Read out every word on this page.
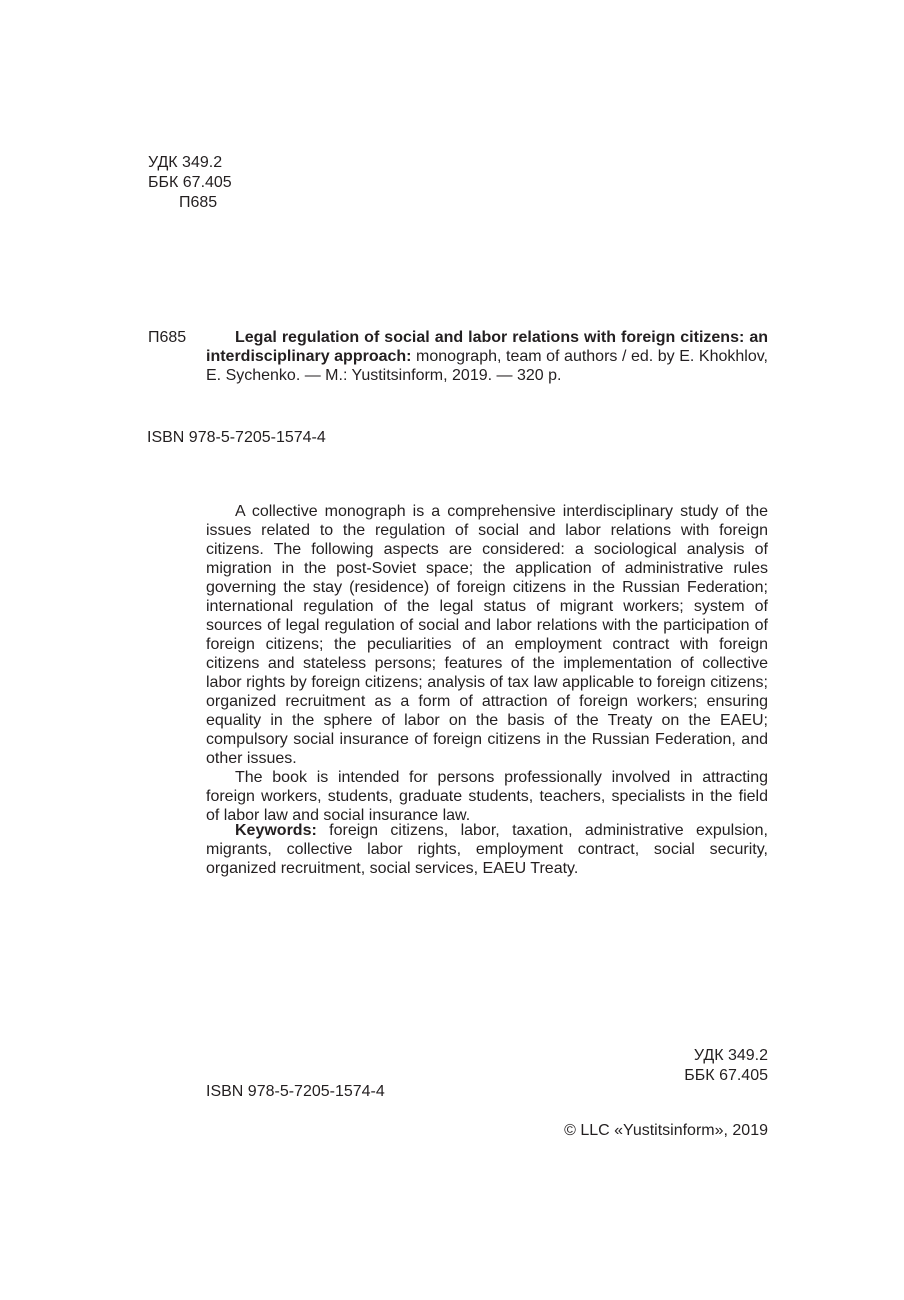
УДК 349.2
ББК 67.405
П685
П685	Legal regulation of social and labor relations with foreign citizens: an interdisciplinary approach: monograph, team of authors / ed. by E. Khokhlov, E. Sychenko. — M.: Yustitsinform, 2019. — 320 p.

ISBN 978-5-7205-1574-4

A collective monograph is a comprehensive interdisciplinary study of the issues related to the regulation of social and labor relations with foreign citizens. The following aspects are considered: a sociological analysis of migration in the post-Soviet space; the application of administrative rules governing the stay (residence) of foreign citizens in the Russian Federation; international regulation of the legal status of migrant workers; system of sources of legal regulation of social and labor relations with the participation of foreign citizens; the peculiarities of an employment contract with foreign citizens and stateless persons; features of the implementation of collective labor rights by foreign citizens; analysis of tax law applicable to foreign citizens; organized recruitment as a form of attraction of foreign workers; ensuring equality in the sphere of labor on the basis of the Treaty on the EAEU; compulsory social insurance of foreign citizens in the Russian Federation, and other issues.

The book is intended for persons professionally involved in attracting foreign workers, students, graduate students, teachers, specialists in the field of labor law and social insurance law.

Keywords: foreign citizens, labor, taxation, administrative expulsion, migrants, collective labor rights, employment contract, social security, organized recruitment, social services, EAEU Treaty.

УДК 349.2
ББК 67.405
ISBN 978-5-7205-1574-4
© LLC «Yustitsinform», 2019
